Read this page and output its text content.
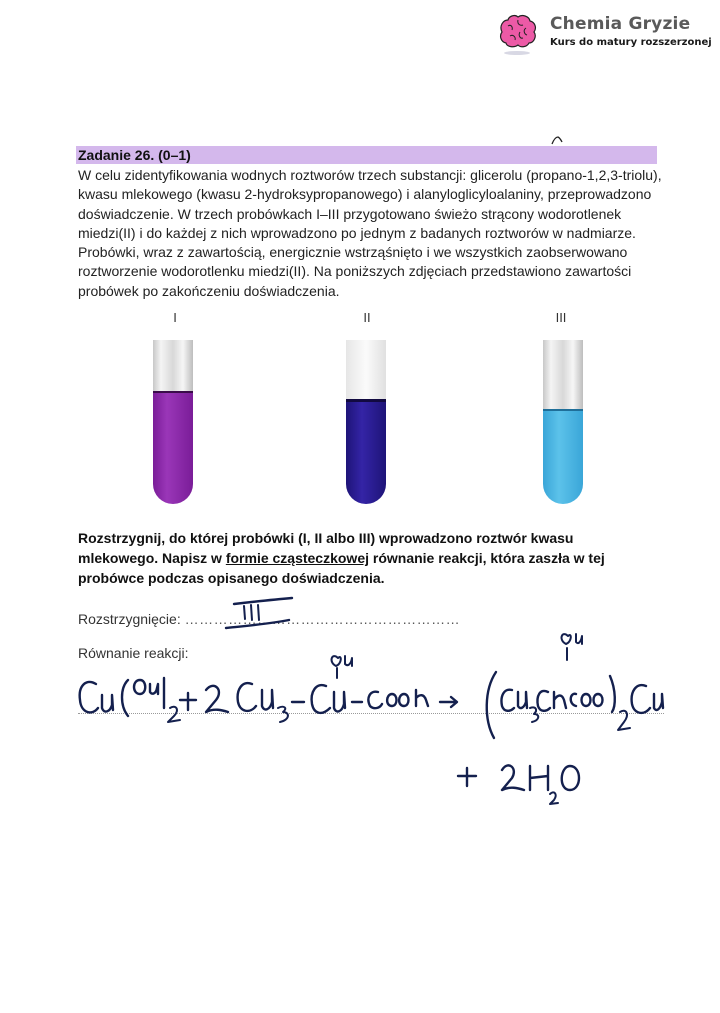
Chemia Gryzie
Kurs do matury rozszerzonej
Zadanie 26. (0–1)

W celu zidentyfikowania wodnych roztworów trzech substancji: glicerolu (propano-1,2,3-triolu),

kwasu mlekowego (kwasu 2-hydroksypropanowego) i alanyloglicyloalaniny, przeprowadzono

doświadczenie. W trzech probówkach I–III przygotowano świeżo strącony wodorotlenek

miedzi(II) i do każdej z nich wprowadzono po jednym z badanych roztworów w nadmiarze.

Probówki, wraz z zawartością, energicznie wstrząśnięto i we wszystkich zaobserwowano

roztworzenie wodorotlenku miedzi(II). Na poniższych zdjęciach przedstawiono zawartości

probówek po zakończeniu doświadczenia.

I	II	III

Rozstrzygnij, do której probówki (I, II albo III) wprowadzono roztwór kwasu

mlekowego. Napisz w formie cząsteczkowej równanie reakcji, która zaszła w tej

probówce podczas opisanego doświadczenia.

Rozstrzygnięcie: …………………………………………………
Równanie reakcji:
